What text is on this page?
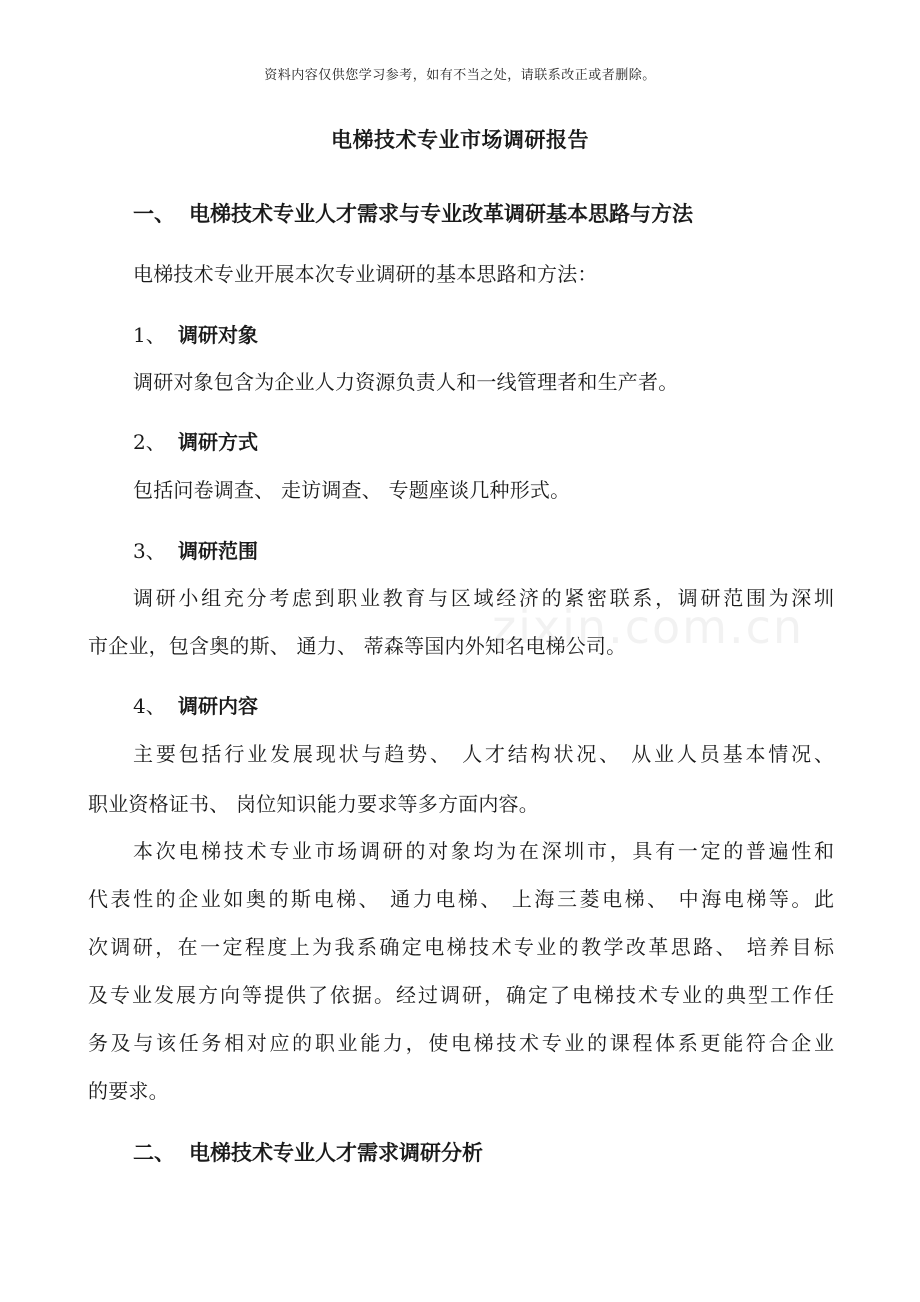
资料内容仅供您学习参考，如有不当之处，请联系改正或者删除。
电梯技术专业市场调研报告
一、 电梯技术专业人才需求与专业改革调研基本思路与方法
电梯技术专业开展本次专业调研的基本思路和方法：
1、 调研对象
调研对象包含为企业人力资源负责人和一线管理者和生产者。
2、 调研方式
包括问卷调查、 走访调查、 专题座谈几种形式。
3、 调研范围
调研小组充分考虑到职业教育与区域经济的紧密联系，调研范围为深圳
市企业，包含奥的斯、 通力、 蒂森等国内外知名电梯公司。
4、 调研内容
主要包括行业发展现状与趋势、 人才结构状况、 从业人员基本情况、
职业资格证书、 岗位知识能力要求等多方面内容。
本次电梯技术专业市场调研的对象均为在深圳市，具有一定的普遍性和
代表性的企业如奥的斯电梯、 通力电梯、 上海三菱电梯、 中海电梯等。此
次调研，在一定程度上为我系确定电梯技术专业的教学改革思路、 培养目标
及专业发展方向等提供了依据。经过调研，确定了电梯技术专业的典型工作任
务及与该任务相对应的职业能力，使电梯技术专业的课程体系更能符合企业
的要求。
二、 电梯技术专业人才需求调研分析
zixin.com.cn
